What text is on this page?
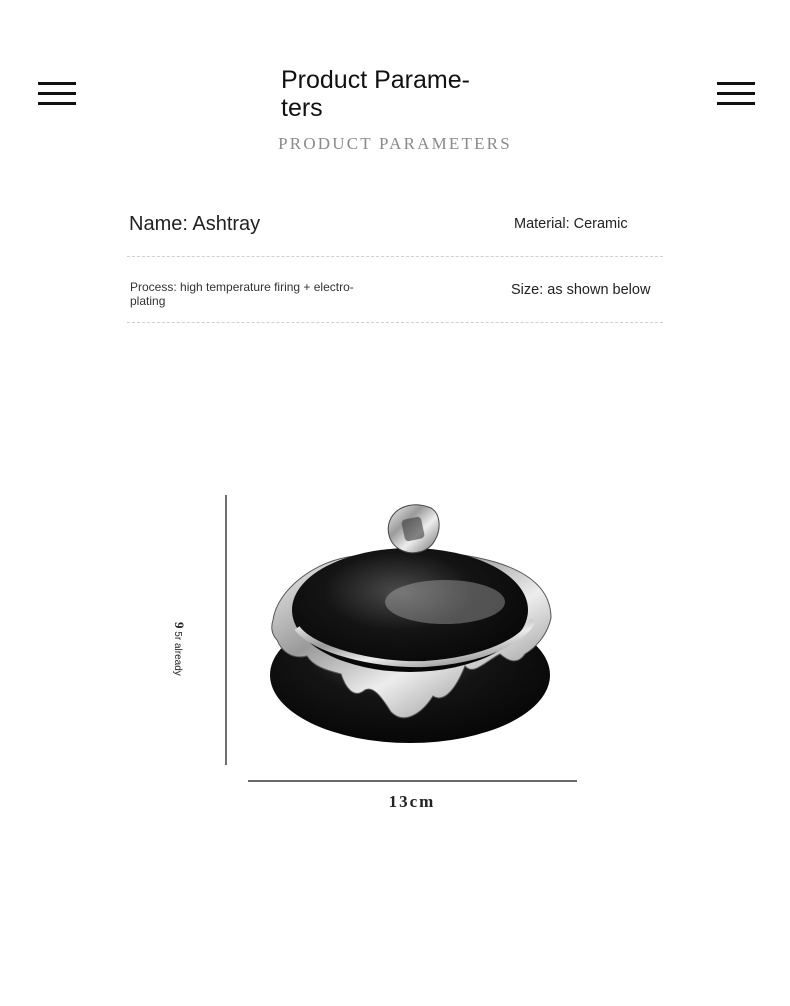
Product Parame-ters
PRODUCT PARAMETERS
Name: Ashtray	Material: Ceramic
Process: high temperature firing + electro-plating
Size: as shown below
9 5r already
13cm
